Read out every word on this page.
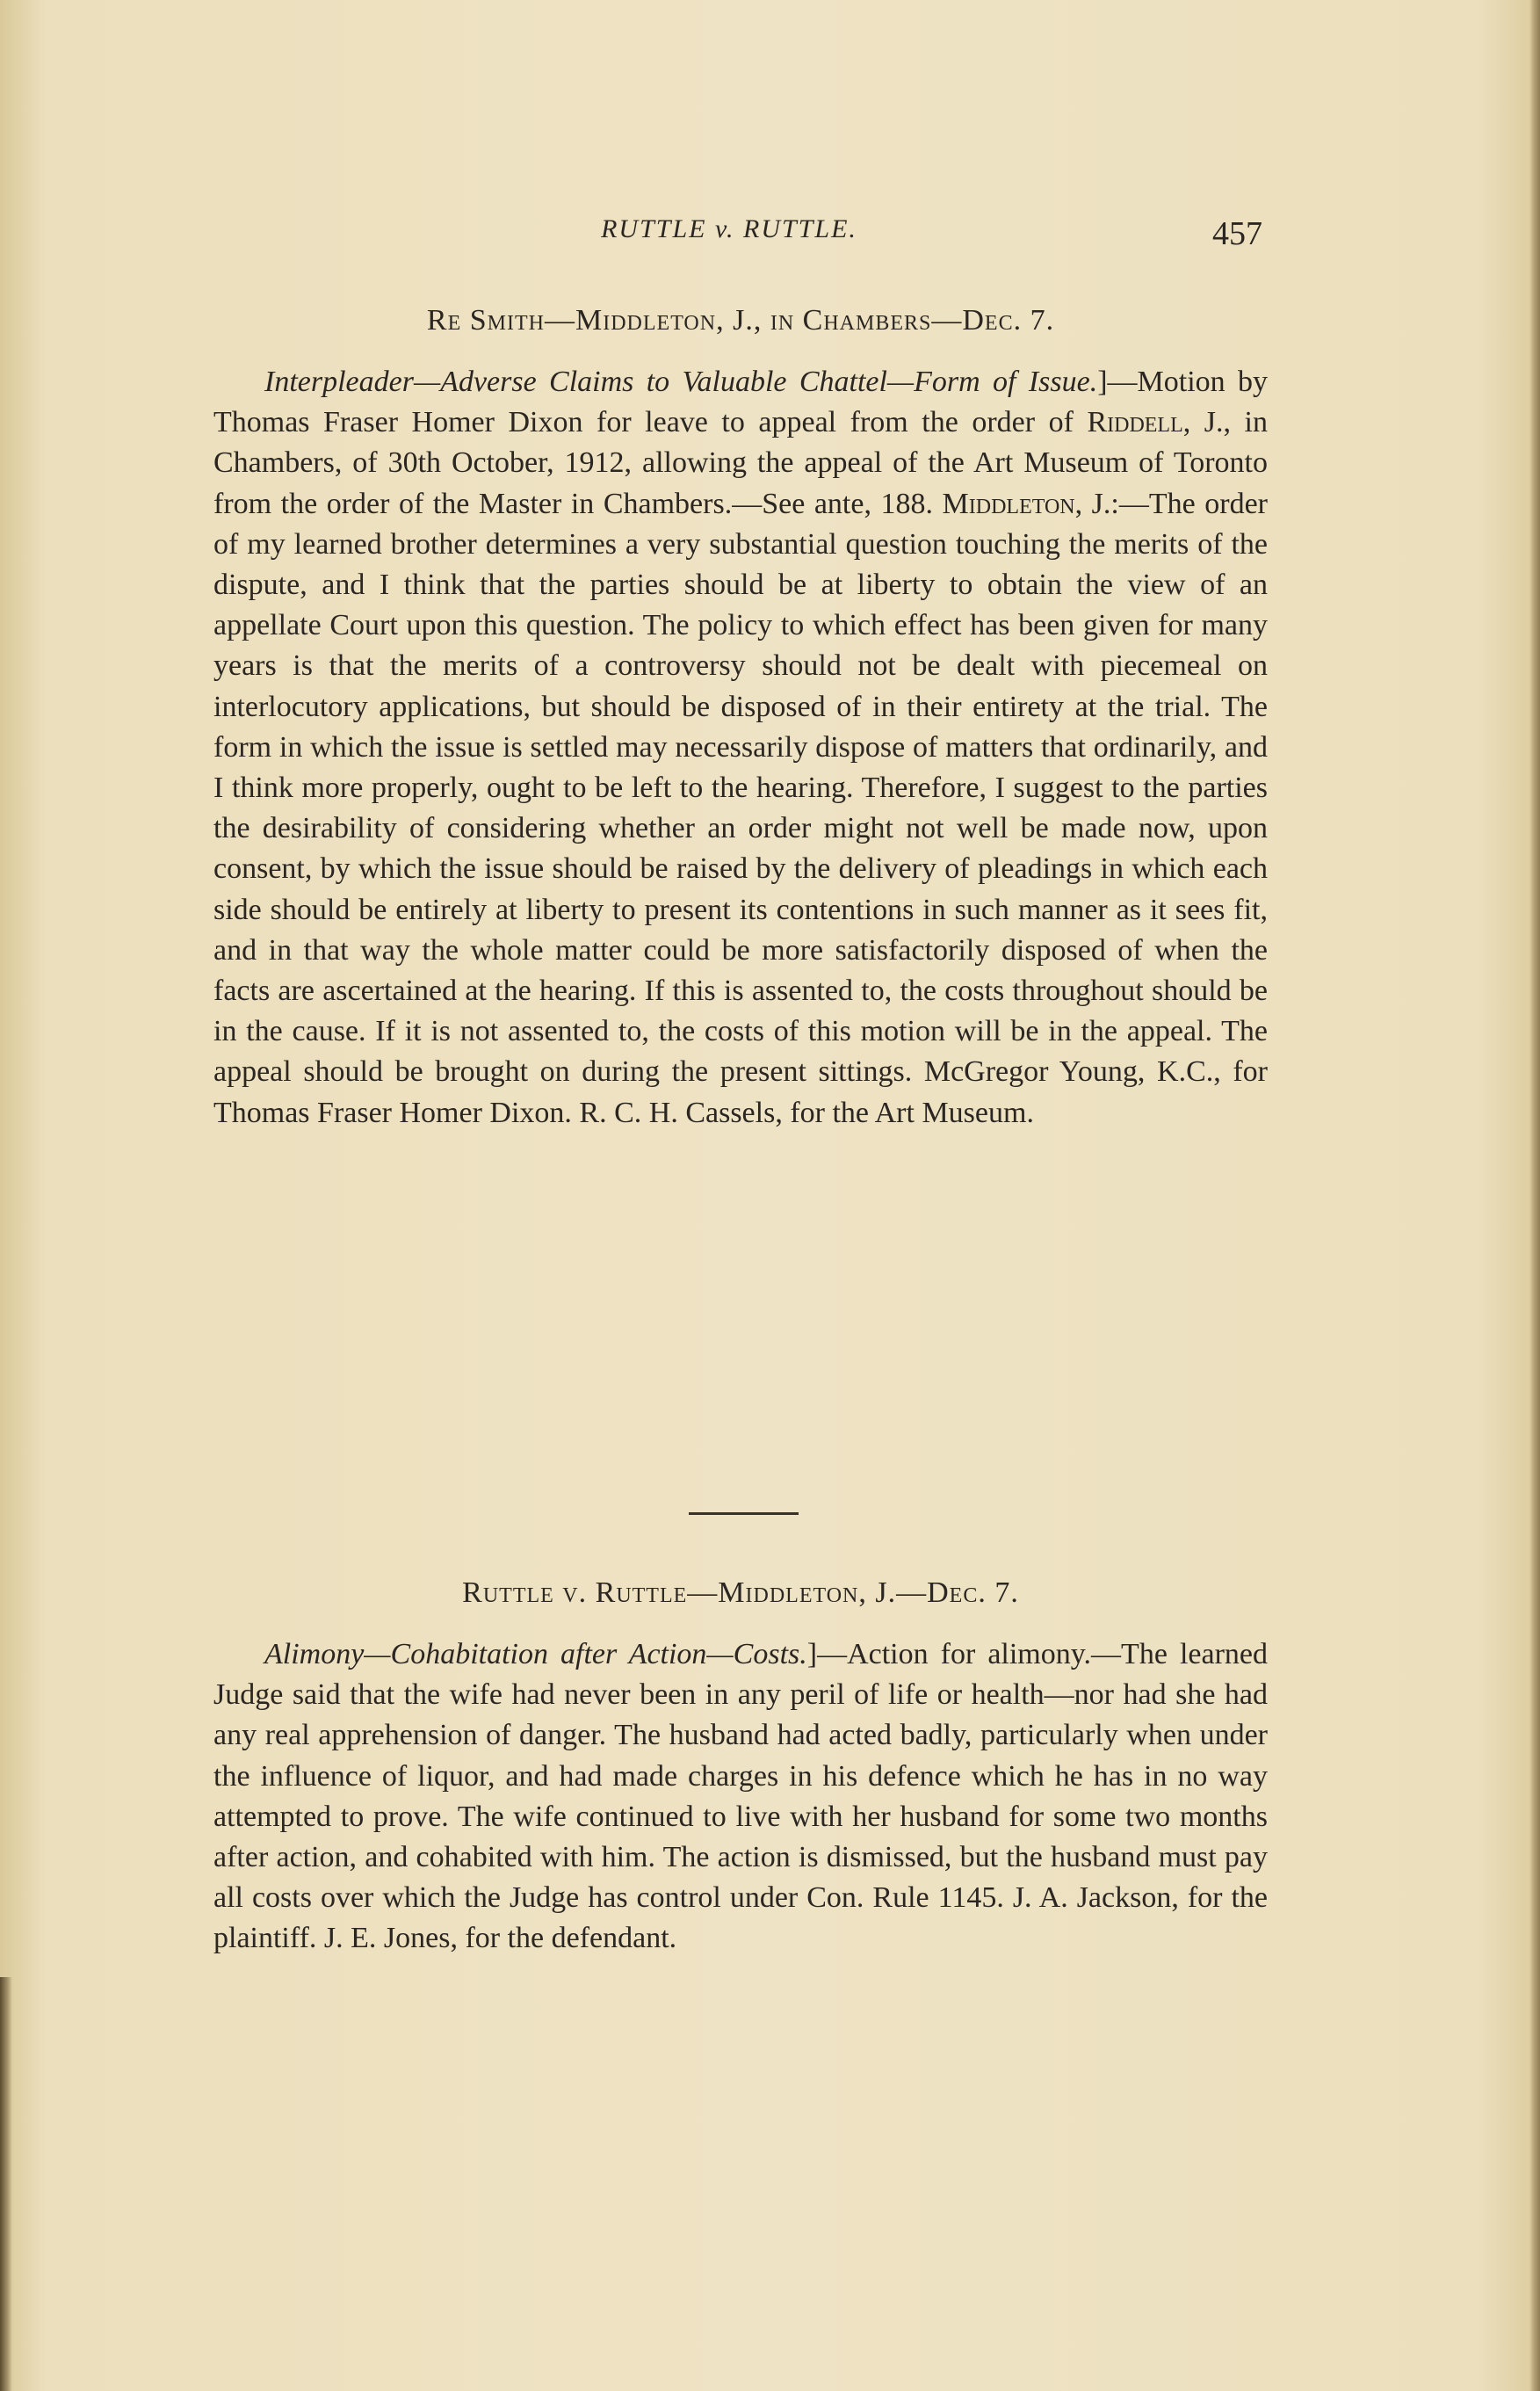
RUTTLE v. RUTTLE.	457
Re Smith—Middleton, J., in Chambers—Dec. 7.

Interpleader—Adverse Claims to Valuable Chattel—Form of Issue.]—Motion by Thomas Fraser Homer Dixon for leave to appeal from the order of Riddell, J., in Chambers, of 30th October, 1912, allowing the appeal of the Art Museum of Toronto from the order of the Master in Chambers.—See ante, 188. Middleton, J.:—The order of my learned brother determines a very substantial question touching the merits of the dispute, and I think that the parties should be at liberty to obtain the view of an appellate Court upon this question. The policy to which effect has been given for many years is that the merits of a controversy should not be dealt with piecemeal on interlocutory applications, but should be disposed of in their entirety at the trial. The form in which the issue is settled may necessarily dispose of matters that ordinarily, and I think more properly, ought to be left to the hearing. Therefore, I suggest to the parties the desirability of considering whether an order might not well be made now, upon consent, by which the issue should be raised by the delivery of pleadings in which each side should be entirely at liberty to present its contentions in such manner as it sees fit, and in that way the whole matter could be more satisfactorily disposed of when the facts are ascertained at the hearing. If this is assented to, the costs throughout should be in the cause. If it is not assented to, the costs of this motion will be in the appeal. The appeal should be brought on during the present sittings. McGregor Young, K.C., for Thomas Fraser Homer Dixon. R. C. H. Cassels, for the Art Museum.

Ruttle v. Ruttle—Middleton, J.—Dec. 7.

Alimony—Cohabitation after Action—Costs.]—Action for alimony.—The learned Judge said that the wife had never been in any peril of life or health—nor had she had any real apprehension of danger. The husband had acted badly, particularly when under the influence of liquor, and had made charges in his defence which he has in no way attempted to prove. The wife continued to live with her husband for some two months after action, and cohabited with him. The action is dismissed, but the husband must pay all costs over which the Judge has control under Con. Rule 1145. J. A. Jackson, for the plaintiff. J. E. Jones, for the defendant.
